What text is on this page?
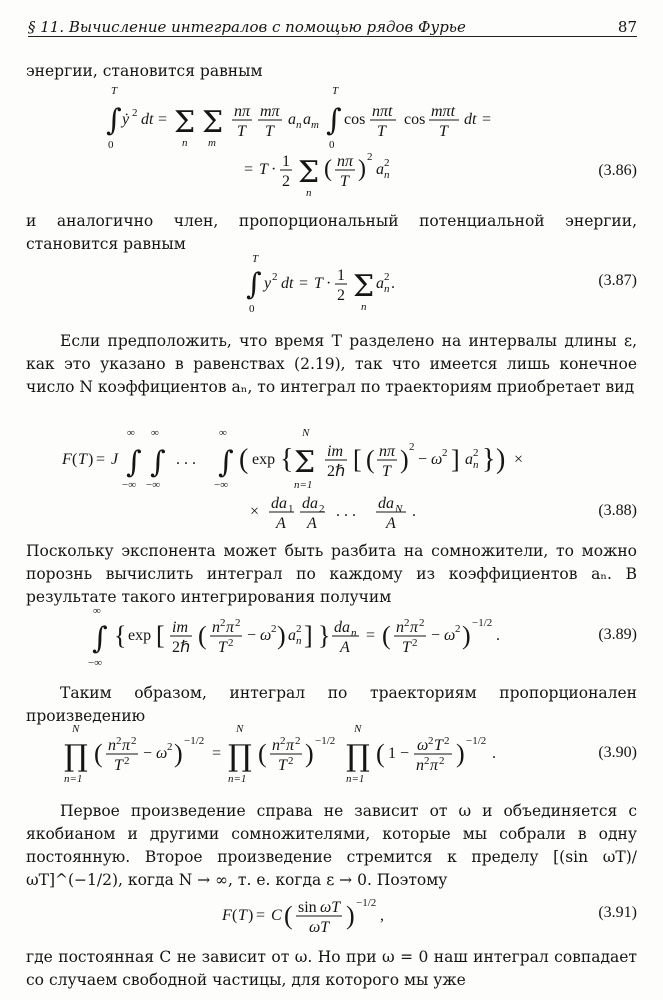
§ 11. Вычисление интегралов с помощью рядов Фурье	87

энергии, становится равным

∫
T
0
ẏ 2 dt = Σ
n
Σ
m
nπ
T
mπ
T
a n a m ∫
T
0
cos nπt
T
cos mπt
T
dt =
= T · 1
2 Σ
n
( nπ
T ) 2
a n
2	(3.86)

и аналогично член, пропорциональный потенциальной энергии, становится равным

∫
T
0
y 2 dt = T · 1
2 Σ
n
a n
2 .	(3.87)

Если предположить, что время T разделено на интервалы длины ε, как это указано в равенствах (2.19), так что имеется лишь конечное число N коэффициентов aₙ, то интеграл по траекториям приобретает вид

F ( T ) = J ∫
∞
−∞
∫
∞
−∞
. . . ∫
∞
−∞
( exp { Σ
N
n=1
im
2ℏ [ ( nπ
T ) 2
− ω 2 ] a n
2 } ) ×
× da 1
A
da 2
A
. . . da N
A
.	(3.88)

Поскольку экспонента может быть разбита на сомножители, то можно порознь вычислить интеграл по каждому из коэффициентов aₙ. В результате такого интегрирования получим

∫
∞
−∞
{ exp [ im
2ℏ ( n 2 π 2
T 2 − ω 2 ) a n
2 ] } da n
A
= ( n 2 π 2
T 2 − ω 2 ) −1/2
.	(3.89)

Таким образом, интеграл по траекториям пропорционален произведению

∏
N
n=1
( n 2 π 2
T 2 − ω 2 ) −1/2
= ∏
N
n=1
( n 2 π 2
T 2 ) −1/2 ∏
N
n=1
( 1 − ω 2 T 2
n 2 π 2 ) −1/2
.	(3.90)

Первое произведение справа не зависит от ω и объединяется с якобианом и другими сомножителями, которые мы собрали в одну постоянную. Второе произведение стремится к пределу [(sin ωT)/ωT]^(−1/2), когда N → ∞, т. е. когда ε → 0. Поэтому

F ( T ) = C ( sin ωT
ωT ) −1/2
,	(3.91)

где постоянная C не зависит от ω. Но при ω = 0 наш интеграл совпадает со случаем свободной частицы, для которого мы уже
